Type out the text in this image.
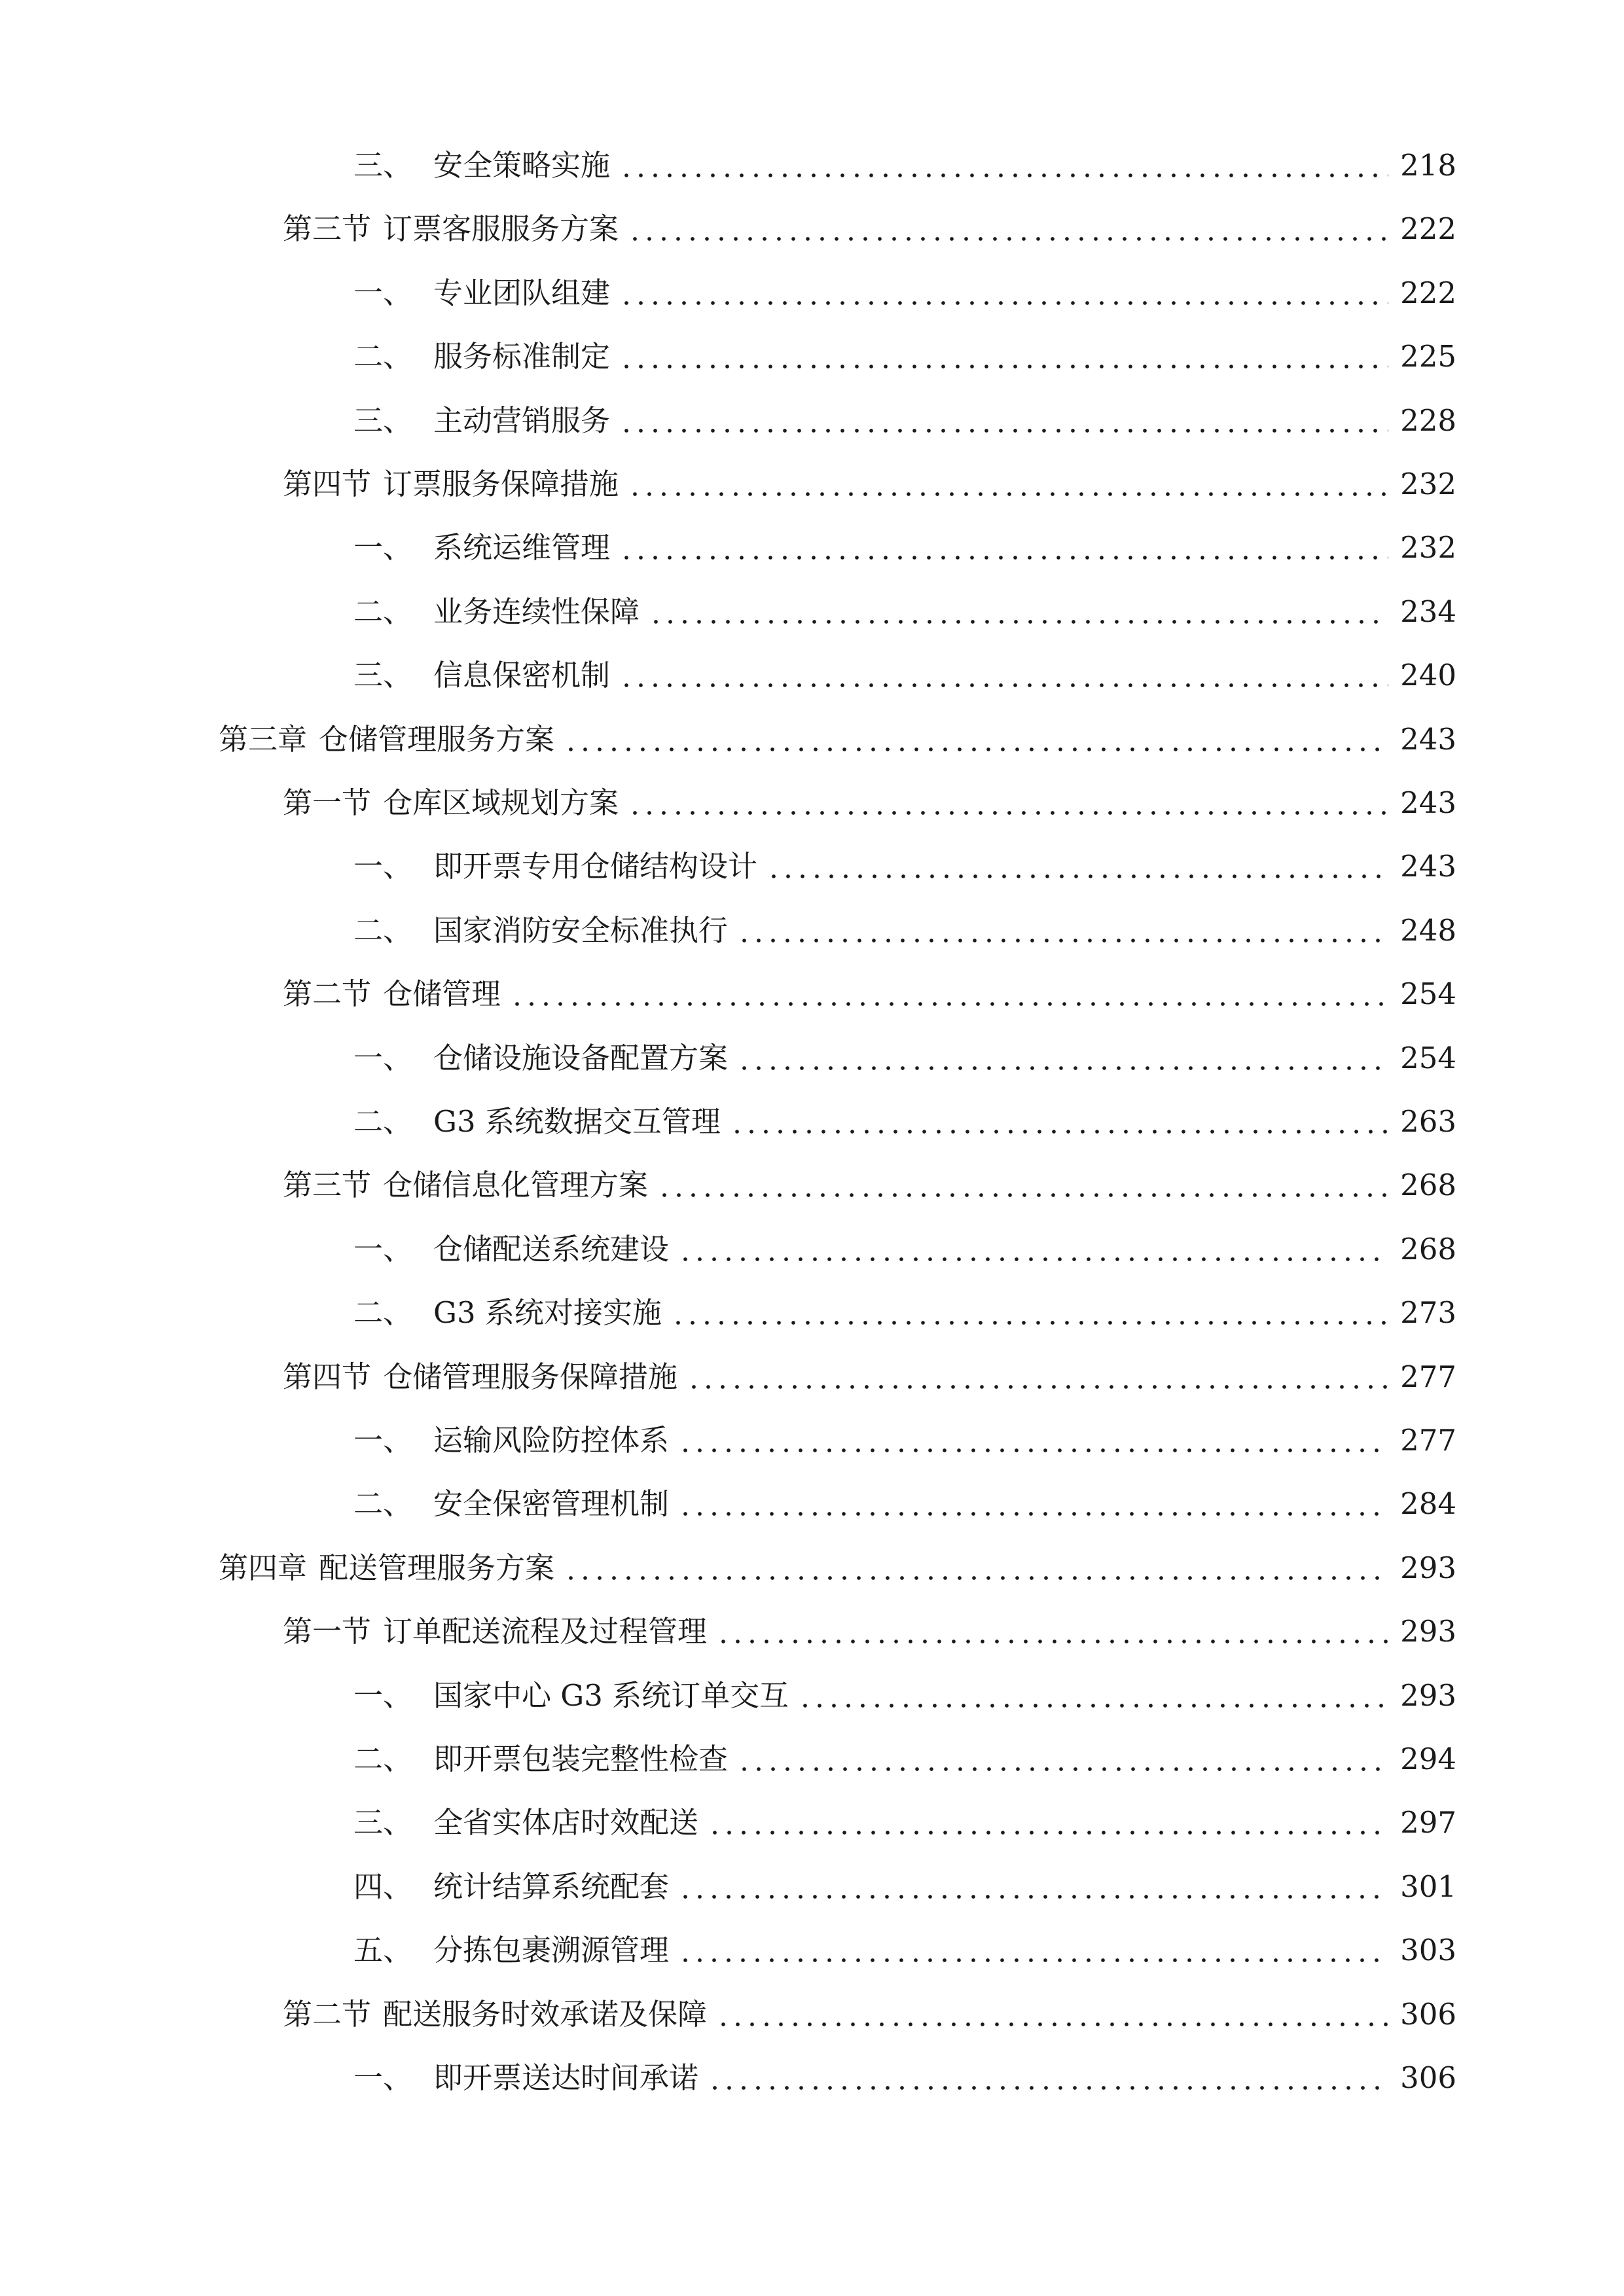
三、 安全策略实施	218
第三节 订票客服服务方案	222
一、 专业团队组建	222
二、 服务标准制定	225
三、 主动营销服务	228
第四节 订票服务保障措施	232
一、 系统运维管理	232
二、 业务连续性保障	234
三、 信息保密机制	240
第三章 仓储管理服务方案	243
第一节 仓库区域规划方案	243
一、 即开票专用仓储结构设计	243
二、 国家消防安全标准执行	248
第二节 仓储管理	254
一、 仓储设施设备配置方案	254
二、 G3 系统数据交互管理	263
第三节 仓储信息化管理方案	268
一、 仓储配送系统建设	268
二、 G3 系统对接实施	273
第四节 仓储管理服务保障措施	277
一、 运输风险防控体系	277
二、 安全保密管理机制	284
第四章 配送管理服务方案	293
第一节 订单配送流程及过程管理	293
一、 国家中心 G3 系统订单交互	293
二、 即开票包装完整性检查	294
三、 全省实体店时效配送	297
四、 统计结算系统配套	301
五、 分拣包裹溯源管理	303
第二节 配送服务时效承诺及保障	306
一、 即开票送达时间承诺	306
